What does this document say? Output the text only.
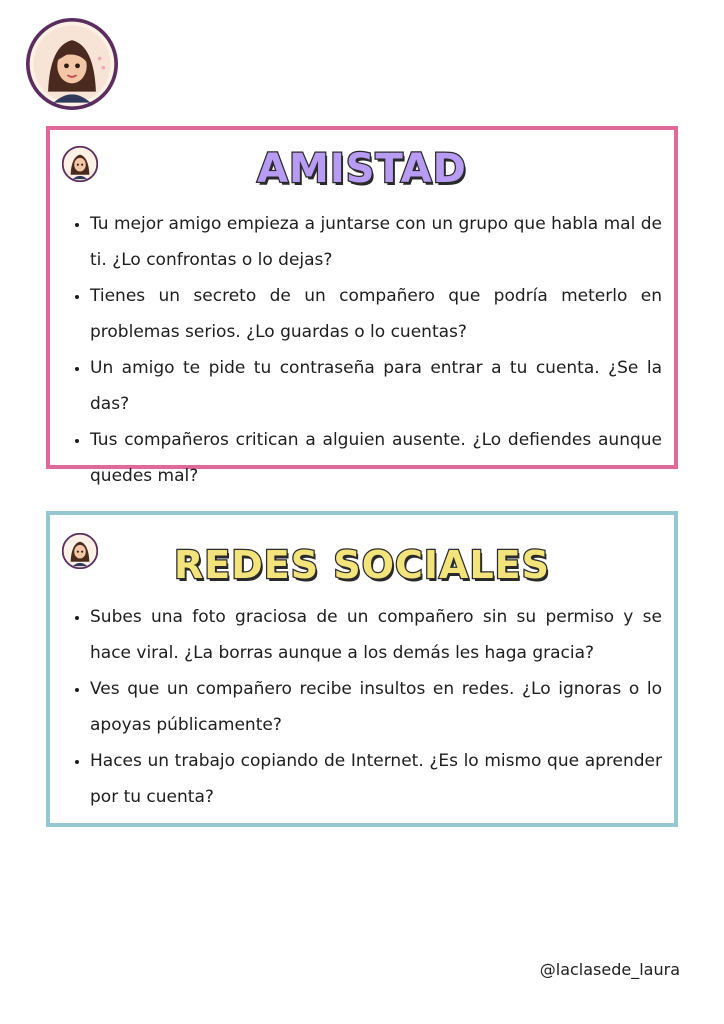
AMISTAD
• Tu mejor amigo empieza a juntarse con un grupo que habla mal de ti. ¿Lo confrontas o lo dejas?
• Tienes un secreto de un compañero que podría meterlo en problemas serios. ¿Lo guardas o lo cuentas?
• Un amigo te pide tu contraseña para entrar a tu cuenta. ¿Se la das?
• Tus compañeros critican a alguien ausente. ¿Lo defiendes aunque quedes mal?
REDES SOCIALES
• Subes una foto graciosa de un compañero sin su permiso y se hace viral. ¿La borras aunque a los demás les haga gracia?
• Ves que un compañero recibe insultos en redes. ¿Lo ignoras o lo apoyas públicamente?
• Haces un trabajo copiando de Internet. ¿Es lo mismo que aprender por tu cuenta?
@laclasede_laura
